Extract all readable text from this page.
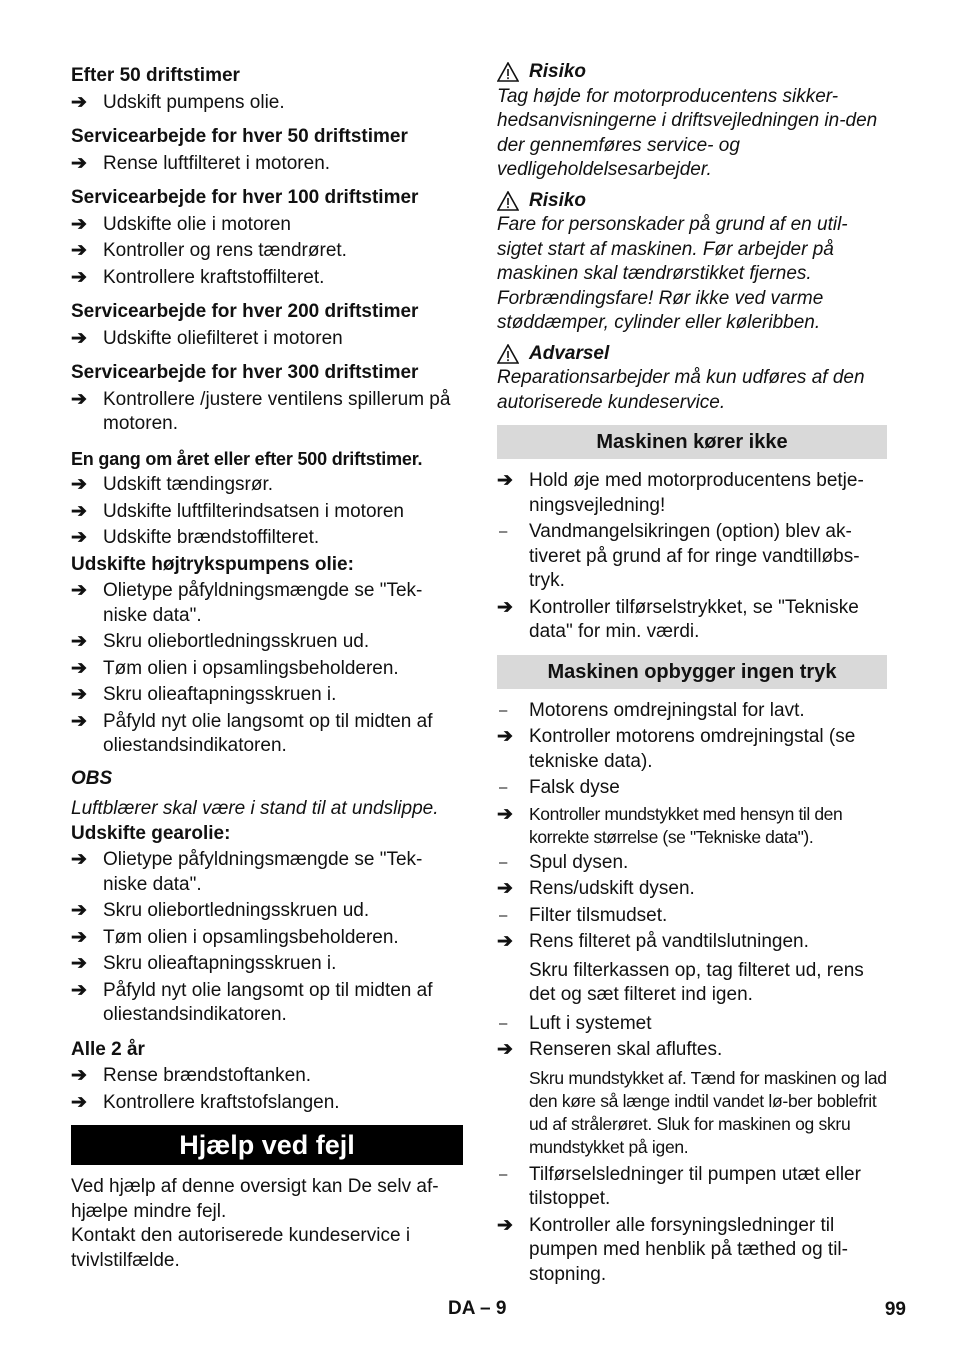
Efter 50 driftstimer
➔ Udskift pumpens olie.
Servicearbejde for hver 50 driftstimer
➔ Rense luftfilteret i motoren.
Servicearbejde for hver 100 driftstimer
➔ Udskifte olie i motoren
➔ Kontroller og rens tændrøret.
➔ Kontrollere kraftstoffilteret.
Servicearbejde for hver 200 driftstimer
➔ Udskifte oliefilteret i motoren
Servicearbejde for hver 300 driftstimer
➔ Kontrollere /justere ventilens spillerum på motoren.
En gang om året eller efter 500 driftstimer.
➔ Udskift tændingsrør.
➔ Udskifte luftfilterindsatsen i motoren
➔ Udskifte brændstoffilteret.
Udskifte højtrykspumpens olie:
➔ Olietype påfyldningsmængde se "Tek-niske data".
➔ Skru oliebortledningsskruen ud.
➔ Tøm olien i opsamlingsbeholderen.
➔ Skru olieaftapningsskruen i.
➔ Påfyld nyt olie langsomt op til midten af oliestandsindikatoren.
OBS
Luftblærer skal være i stand til at undslippe.
Udskifte gearolie:
➔ Olietype påfyldningsmængde se "Tek-niske data".
➔ Skru oliebortledningsskruen ud.
➔ Tøm olien i opsamlingsbeholderen.
➔ Skru olieaftapningsskruen i.
➔ Påfyld nyt olie langsomt op til midten af oliestandsindikatoren.
Alle 2 år
➔ Rense brændstoftanken.
➔ Kontrollere kraftstofslangen.
Hjælp ved fejl

Ved hjælp af denne oversigt kan De selv af-hjælpe mindre fejl.

Kontakt den autoriserede kundeservice i tvivlstilfælde.

Risiko
Tag højde for motorproducentens sikker-hedsanvisningerne i driftsvejledningen in-den der gennemføres service- og vedligeholdelsesarbejder.
Risiko
Fare for personskader på grund af en util-sigtet start af maskinen. Før arbejder på maskinen skal tændrørstikket fjernes. Forbrændingsfare! Rør ikke ved varme støddæmper, cylinder eller køleribben.
Advarsel
Reparationsarbejder må kun udføres af den autoriserede kundeservice.
Maskinen kører ikke
➔ Hold øje med motorproducentens betje-ningsvejledning!
–	Vandmangelsikringen (option) blev ak-tiveret på grund af for ringe vandtilløbs-tryk.
➔ Kontroller tilførselstrykket, se "Tekniske data" for min. værdi.
Maskinen opbygger ingen tryk
–	Motorens omdrejningstal for lavt.
➔ Kontroller motorens omdrejningstal (se tekniske data).
–	Falsk dyse
➔ Kontroller mundstykket med hensyn til den korrekte størrelse (se "Tekniske data").
–	Spul dysen.
➔ Rens/udskift dysen.
–	Filter tilsmudset.
➔ Rens filteret på vandtilslutningen.
Skru filterkassen op, tag filteret ud, rens det og sæt filteret ind igen.
–	Luft i systemet
➔ Renseren skal afluftes.
Skru mundstykket af. Tænd for maskinen og lad den køre så længe indtil vandet lø-ber boblefrit ud af strålerøret. Sluk for maskinen og skru mundstykket på igen.
–	Tilførselsledninger til pumpen utæt eller tilstoppet.
➔ Kontroller alle forsyningsledninger til pumpen med henblik på tæthed og til-stopning.
DA – 9	99
